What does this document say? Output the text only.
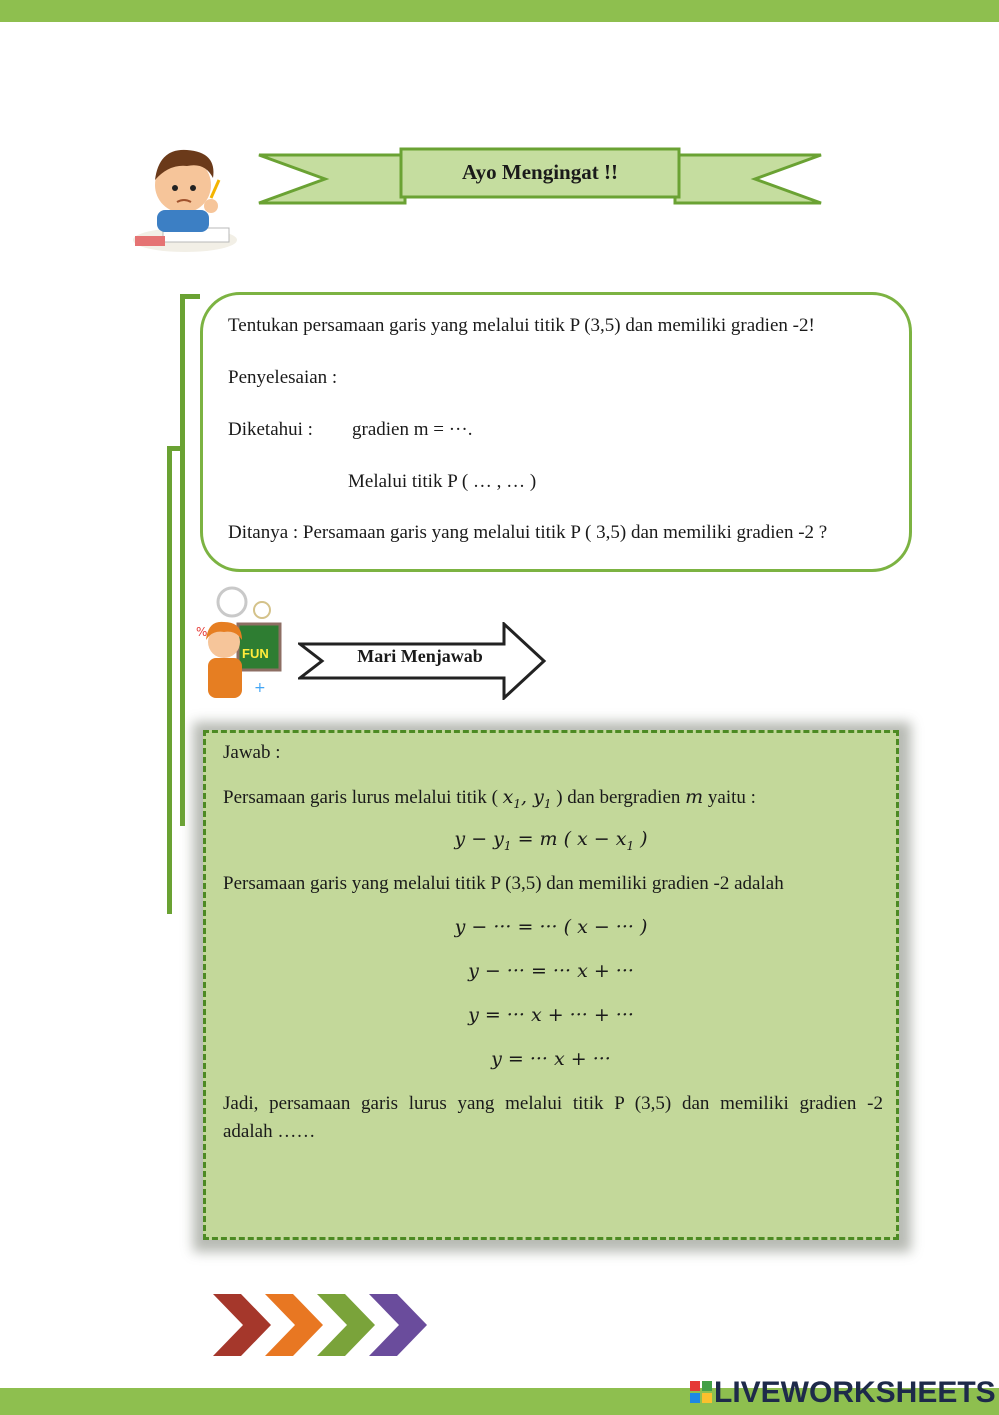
Ayo Mengingat !!
Tentukan persamaan garis yang melalui titik P (3,5) dan memiliki gradien -2!
Penyelesaian :
Diketahui : gradien m = ···.
Melalui titik P ( … , … )
Ditanya : Persamaan garis yang melalui titik P ( 3,5) dan memiliki gradien -2 ?
FUN
%
+
Mari Menjawab
Jawab :
Persamaan garis lurus melalui titik ( $x_1$, $y_1$ ) dan bergradien m yaitu :
$y - y_1 = m$ ( $x - x_1$ )
Persamaan garis yang melalui titik P (3,5) dan memiliki gradien -2 adalah
y − ··· = ··· ( x − ··· )
y − ··· = ··· x + ···
y = ··· x + ··· + ···
y = ··· x + ···
Jadi, persamaan garis lurus yang melalui titik P (3,5) dan memiliki gradien -2
adalah ……
LIVEWORKSHEETS
